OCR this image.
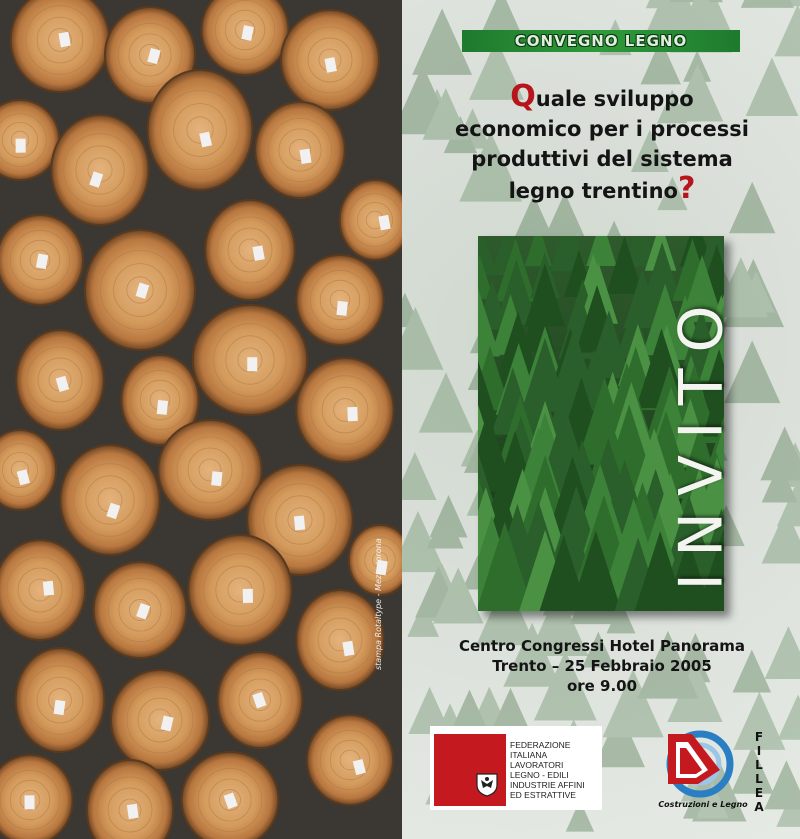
stampa Rotaltype - Mezzocorona
CONVEGNO LEGNO
Quale sviluppo
economico per i processi
produttivi del sistema
legno trentino?
INVITO
Centro Congressi Hotel Panorama
Trento – 25 Febbraio 2005
ore 9.00
FEDERAZIONE
ITALIANA
LAVORATORI
LEGNO - EDILI
INDUSTRIE AFFINI
ED ESTRATTIVE
F
I
L
L
E
A
Costruzioni e Legno
